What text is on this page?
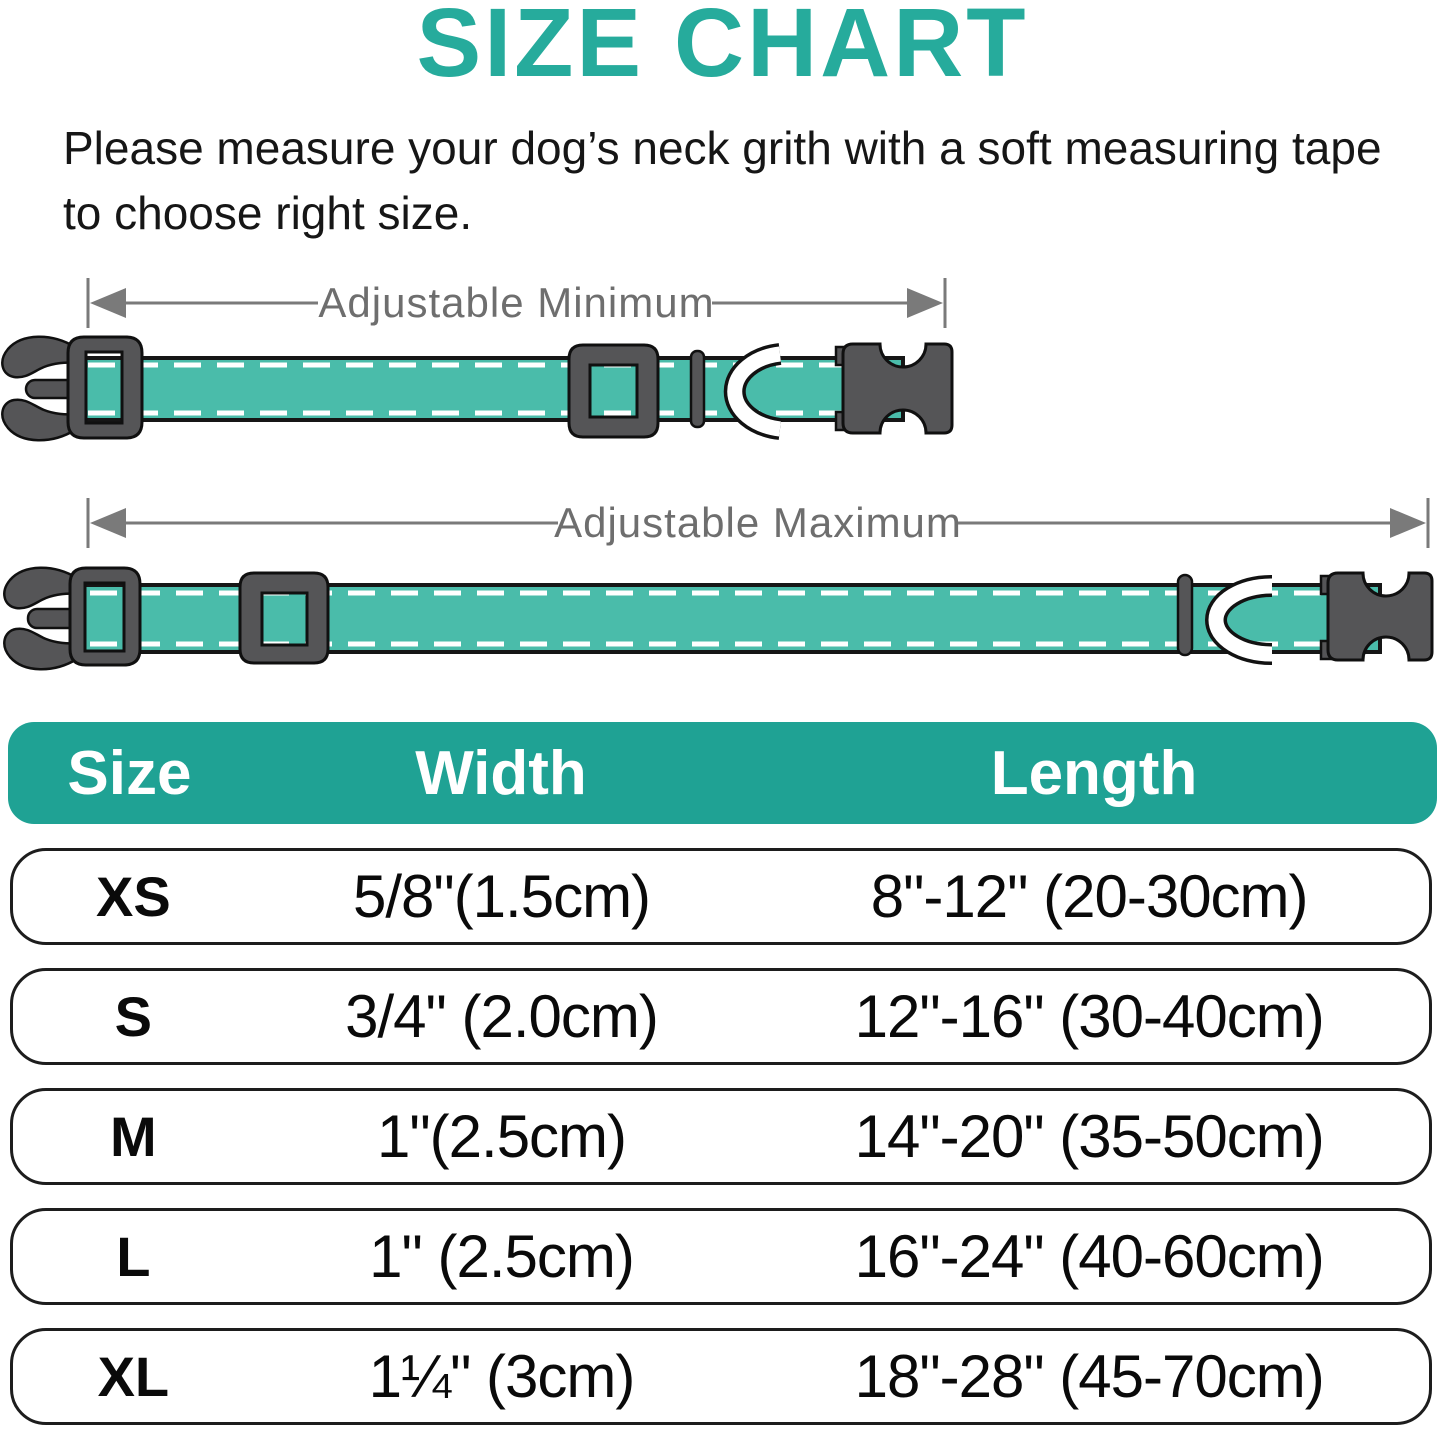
SIZE CHART
Please measure your dog’s neck grith with a soft measuring tape
to choose right size.
Adjustable Minimum
Adjustable Maximum
Size	Width	Length
XS	5/8"(1.5cm)	8"-12" (20-30cm)
S	3/4" (2.0cm)	12"-16" (30-40cm)
M	1"(2.5cm)	14"-20" (35-50cm)
L	1" (2.5cm)	16"-24" (40-60cm)
XL	1¼" (3cm)	18"-28" (45-70cm)
